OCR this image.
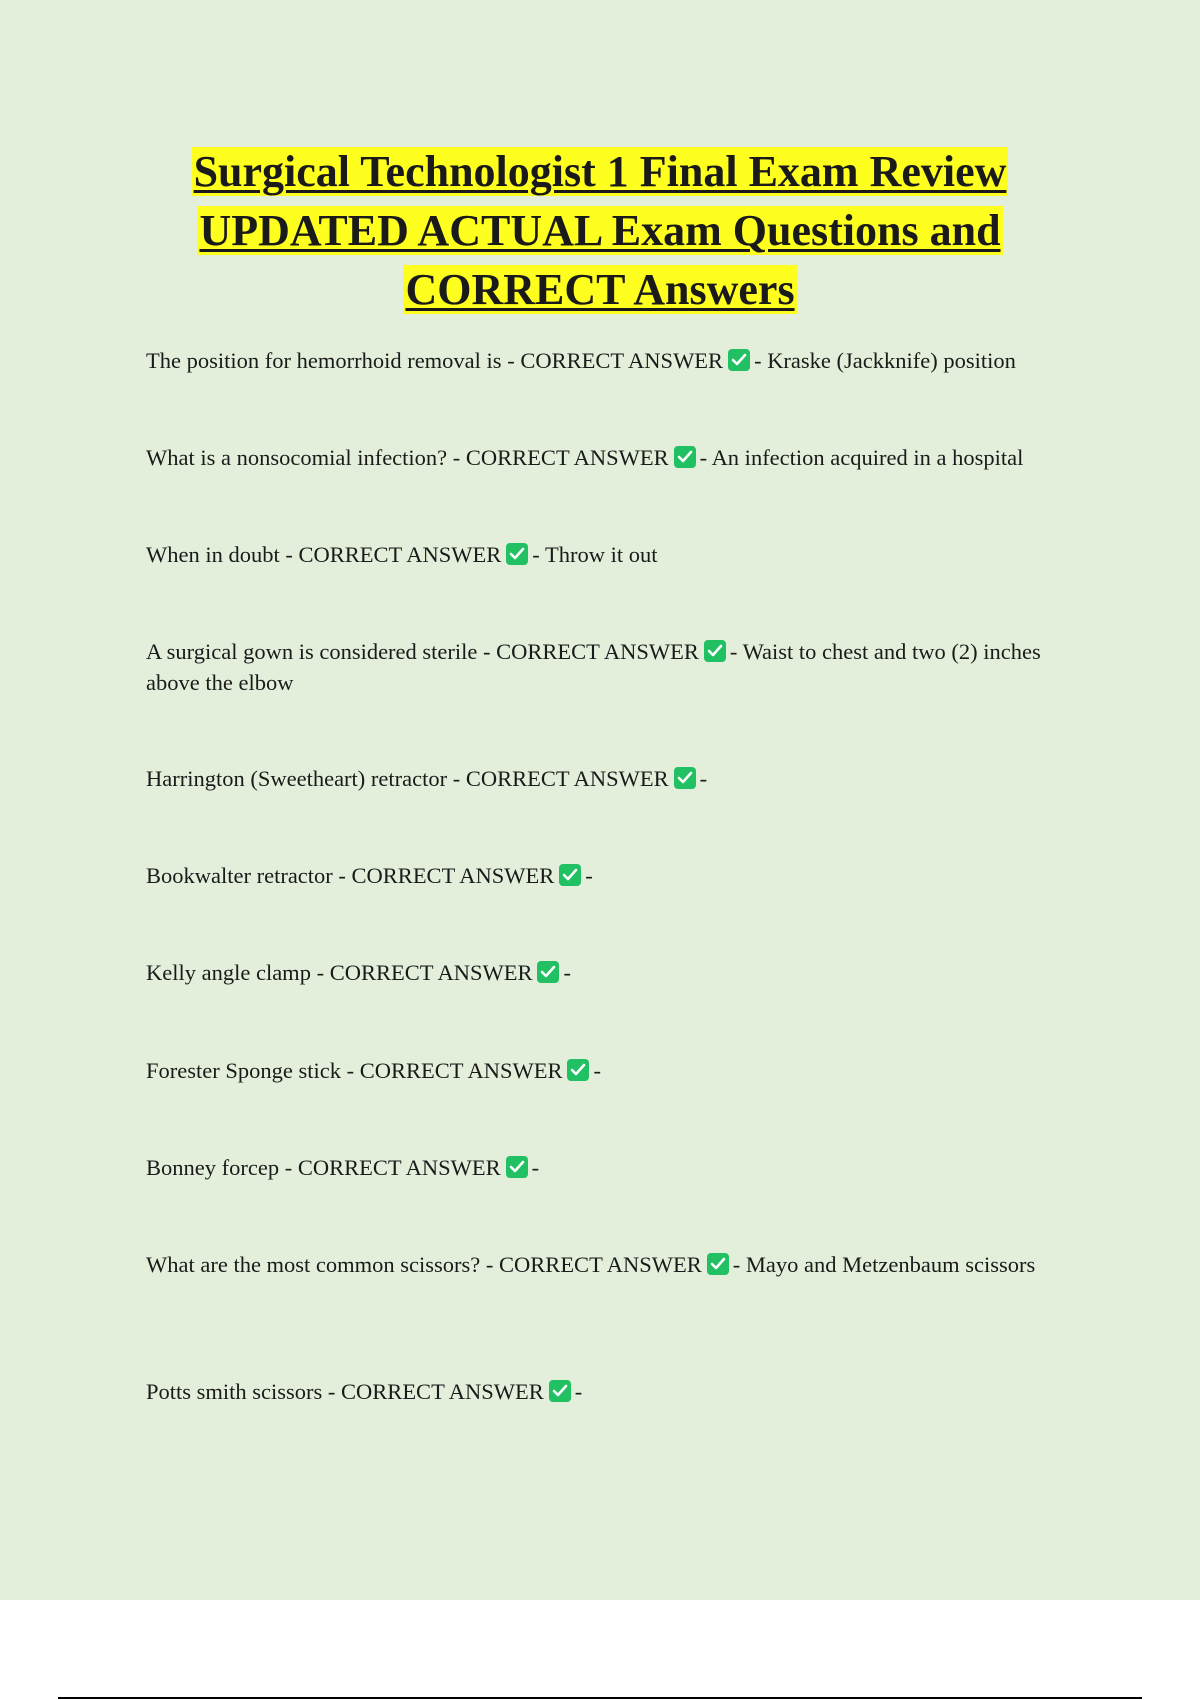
Surgical Technologist 1 Final Exam Review
UPDATED ACTUAL Exam Questions and
CORRECT Answers

The position for hemorrhoid removal is - CORRECT ANSWER - Kraske (Jackknife) position

What is a nonsocomial infection? - CORRECT ANSWER - An infection acquired in a hospital

When in doubt - CORRECT ANSWER - Throw it out

A surgical gown is considered sterile - CORRECT ANSWER - Waist to chest and two (2) inches above the elbow

Harrington (Sweetheart) retractor - CORRECT ANSWER -

Bookwalter retractor - CORRECT ANSWER -

Kelly angle clamp - CORRECT ANSWER -

Forester Sponge stick - CORRECT ANSWER -

Bonney forcep - CORRECT ANSWER -

What are the most common scissors? - CORRECT ANSWER - Mayo and Metzenbaum scissors

Potts smith scissors - CORRECT ANSWER -
